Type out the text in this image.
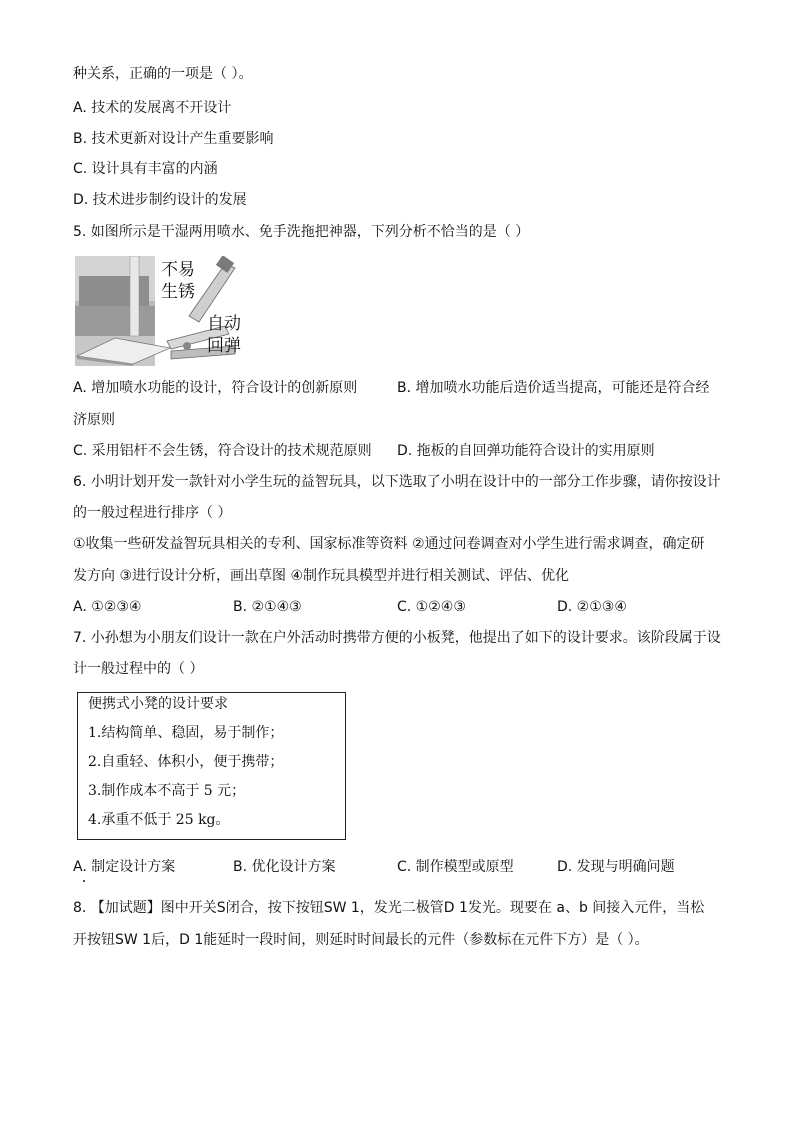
种关系，正确的一项是（ ）。
A. 技术的发展离不开设计
B. 技术更新对设计产生重要影响
C. 设计具有丰富的内涵
D. 技术进步制约设计的发展
5. 如图所示是干湿两用喷水、免手洗拖把神器，下列分析不恰当的是（ ）
不易
生锈
自动
回弹
A. 增加喷水功能的设计，符合设计的创新原则	B. 增加喷水功能后造价适当提高，可能还是符合经
济原则
C. 采用铝杆不会生锈，符合设计的技术规范原则 D. 拖板的自回弹功能符合设计的实用原则
6. 小明计划开发一款针对小学生玩的益智玩具，以下选取了小明在设计中的一部分工作步骤，请你按设计
的一般过程进行排序（ ）
①收集一些研发益智玩具相关的专利、国家标准等资料 ②通过问卷调查对小学生进行需求调查，确定研
发方向 ③进行设计分析，画出草图 ④制作玩具模型并进行相关测试、评估、优化
A. ①②③④	B. ②①④③	C. ①②④③	D. ②①③④
7. 小孙想为小朋友们设计一款在户外活动时携带方便的小板凳，他提出了如下的设计要求。该阶段属于设
计一般过程中的（ ）
便携式小凳的设计要求
1.结构简单、稳固，易于制作；
2.自重轻、体积小，便于携带；
3.制作成本不高于 5 元；
4.承重不低于 25 kg。
A. 制定设计方案	B. 优化设计方案	C. 制作模型或原型	D. 发现与明确问题
8. 【加试题】图中开关S闭合，按下按钮SW 1，发光二极管D 1发光。现要在 a、b 间接入元件，当松
开按钮SW 1后，D 1能延时一段时间，则延时时间最长的元件（参数标在元件下方）是（ ）。
